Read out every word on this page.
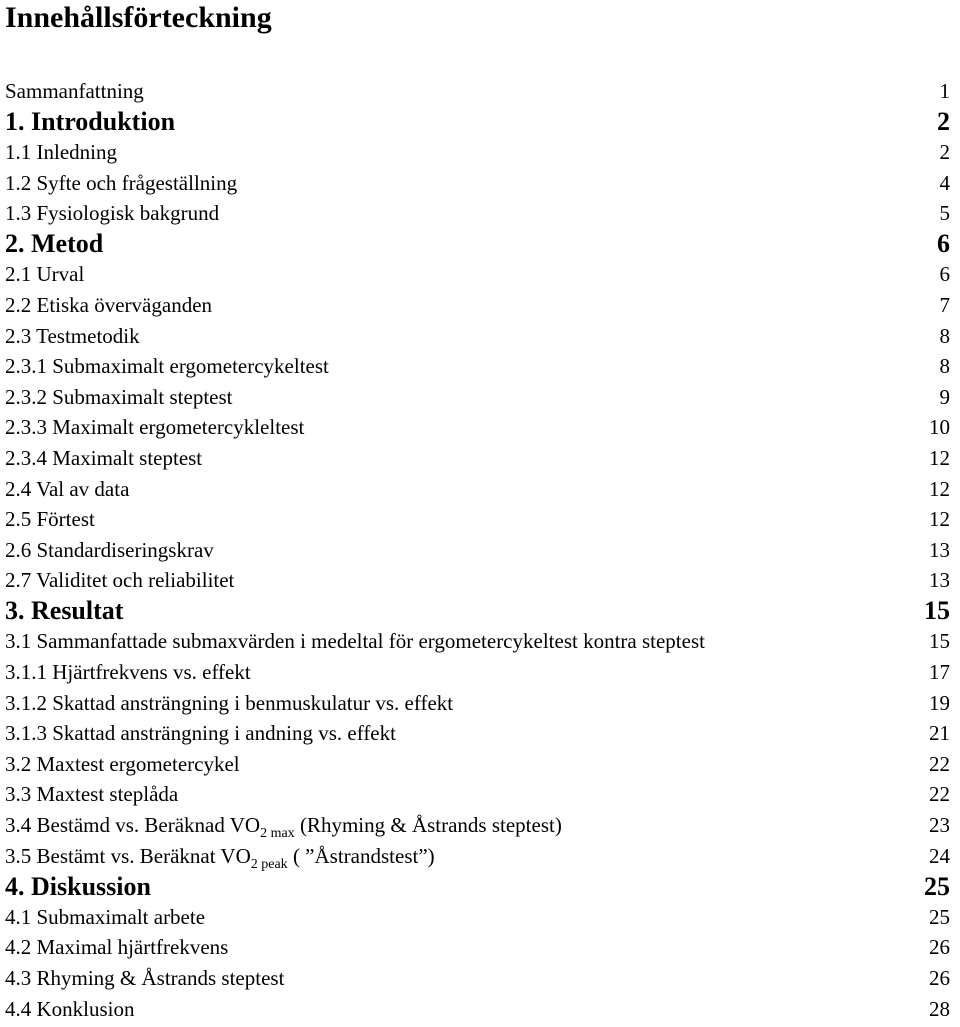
Innehållsförteckning
Sammanfattning	1
1. Introduktion	2
1.1 Inledning	2
1.2 Syfte och frågeställning	4
1.3 Fysiologisk bakgrund	5
2. Metod	6
2.1 Urval	6
2.2 Etiska överväganden	7
2.3 Testmetodik	8
2.3.1 Submaximalt ergometercykeltest	8
2.3.2 Submaximalt steptest	9
2.3.3 Maximalt ergometercykleltest	10
2.3.4 Maximalt steptest	12
2.4 Val av data	12
2.5 Förtest	12
2.6 Standardiseringskrav	13
2.7 Validitet och reliabilitet	13
3. Resultat	15
3.1 Sammanfattade submaxvärden i medeltal för ergometercykeltest kontra steptest	15
3.1.1 Hjärtfrekvens vs. effekt	17
3.1.2 Skattad ansträngning i benmuskulatur vs. effekt	19
3.1.3 Skattad ansträngning i andning vs. effekt	21
3.2 Maxtest ergometercykel	22
3.3 Maxtest steplåda	22
3.4 Bestämd vs. Beräknad $VO_{2 max}$ (Rhyming & Åstrands steptest)	23
3.5 Bestämt vs. Beräknat $VO_{2 peak}$ ( ”Åstrandstest”)	24
4. Diskussion	25
4.1 Submaximalt arbete	25
4.2 Maximal hjärtfrekvens	26
4.3 Rhyming & Åstrands steptest	26
4.4 Konklusion	28
